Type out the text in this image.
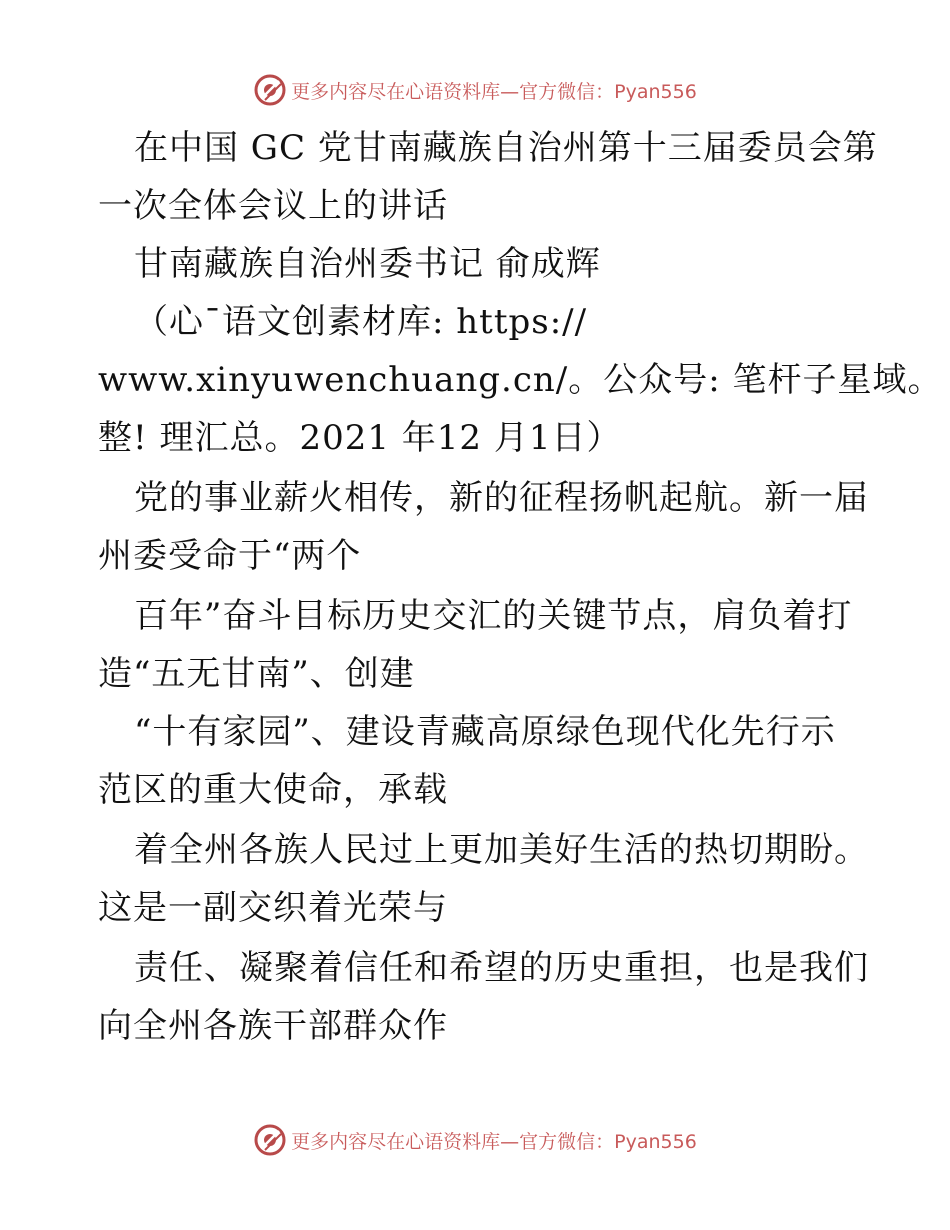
更多内容尽在心语资料库—官方微信：Pyan556
在中国 GC 党甘南藏族自治州第十三届委员会第
一次全体会议上的讲话
甘南藏族自治州委书记 俞成辉
（心¯语文创素材库: https://
www.xinyuwenchuang.cn/。公众号: 笔杆子星域。
整! 理汇总。2021 年12 月1日）
党的事业薪火相传，新的征程扬帆起航。新一届
州委受命于“两个
百年”奋斗目标历史交汇的关键节点，肩负着打
造“五无甘南”、创建
“十有家园”、建设青藏高原绿色现代化先行示
范区的重大使命，承载
着全州各族人民过上更加美好生活的热切期盼。
这是一副交织着光荣与
责任、凝聚着信任和希望的历史重担，也是我们
向全州各族干部群众作
更多内容尽在心语资料库—官方微信：Pyan556
